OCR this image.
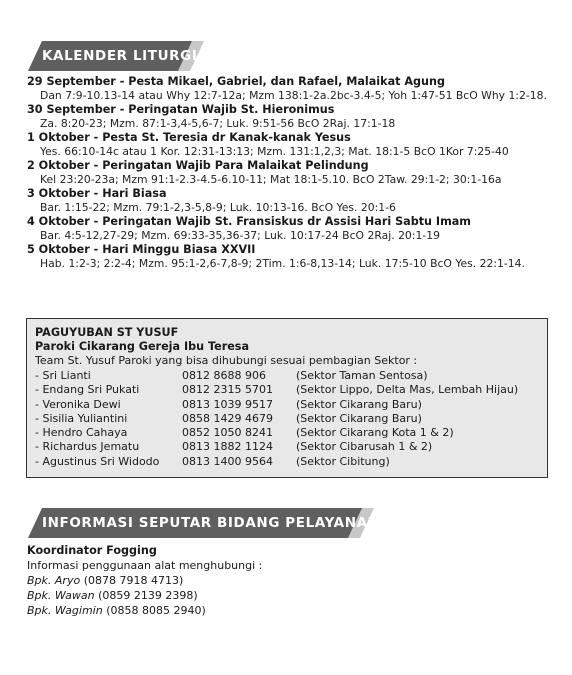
KALENDER LITURGI
29 September - Pesta Mikael, Gabriel, dan Rafael, Malaikat Agung
Dan 7:9-10.13-14 atau Why 12:7-12a; Mzm 138:1-2a.2bc-3.4-5; Yoh 1:47-51 BcO Why 1:2-18.
30 September - Peringatan Wajib St. Hieronimus
Za. 8:20-23; Mzm. 87:1-3,4-5,6-7; Luk. 9:51-56 BcO 2Raj. 17:1-18
1 Oktober - Pesta St. Teresia dr Kanak-kanak Yesus
Yes. 66:10-14c atau 1 Kor. 12:31-13:13; Mzm. 131:1,2,3; Mat. 18:1-5 BcO 1Kor 7:25-40
2 Oktober - Peringatan Wajib Para Malaikat Pelindung
Kel 23:20-23a; Mzm 91:1-2.3-4.5-6.10-11; Mat 18:1-5.10. BcO 2Taw. 29:1-2; 30:1-16a
3 Oktober - Hari Biasa
Bar. 1:15-22; Mzm. 79:1-2,3-5,8-9; Luk. 10:13-16. BcO Yes. 20:1-6
4 Oktober - Peringatan Wajib St. Fransiskus dr Assisi Hari Sabtu Imam
Bar. 4:5-12,27-29; Mzm. 69:33-35,36-37; Luk. 10:17-24 BcO 2Raj. 20:1-19
5 Oktober - Hari Minggu Biasa XXVII
Hab. 1:2-3; 2:2-4; Mzm. 95:1-2,6-7,8-9; 2Tim. 1:6-8,13-14; Luk. 17:5-10 BcO Yes. 22:1-14.
PAGUYUBAN ST YUSUF
Paroki Cikarang Gereja Ibu Teresa
Team St. Yusuf Paroki yang bisa dihubungi sesuai pembagian Sektor :
- Sri Lianti	0812 8688 906	(Sektor Taman Sentosa)
- Endang Sri Pukati	0812 2315 5701 (Sektor Lippo, Delta Mas, Lembah Hijau)
- Veronika Dewi	0813 1039 9517 (Sektor Cikarang Baru)
- Sisilia Yuliantini	0858 1429 4679 (Sektor Cikarang Baru)
- Hendro Cahaya	0852 1050 8241 (Sektor Cikarang Kota 1 & 2)
- Richardus Jematu	0813 1882 1124 (Sektor Cibarusah 1 & 2)
- Agustinus Sri Widodo 0813 1400 9564 (Sektor Cibitung)
INFORMASI SEPUTAR BIDANG PELAYANAN
Koordinator Fogging
Informasi penggunaan alat menghubungi :
Bpk. Aryo (0878 7918 4713)
Bpk. Wawan (0859 2139 2398)
Bpk. Wagimin (0858 8085 2940)
